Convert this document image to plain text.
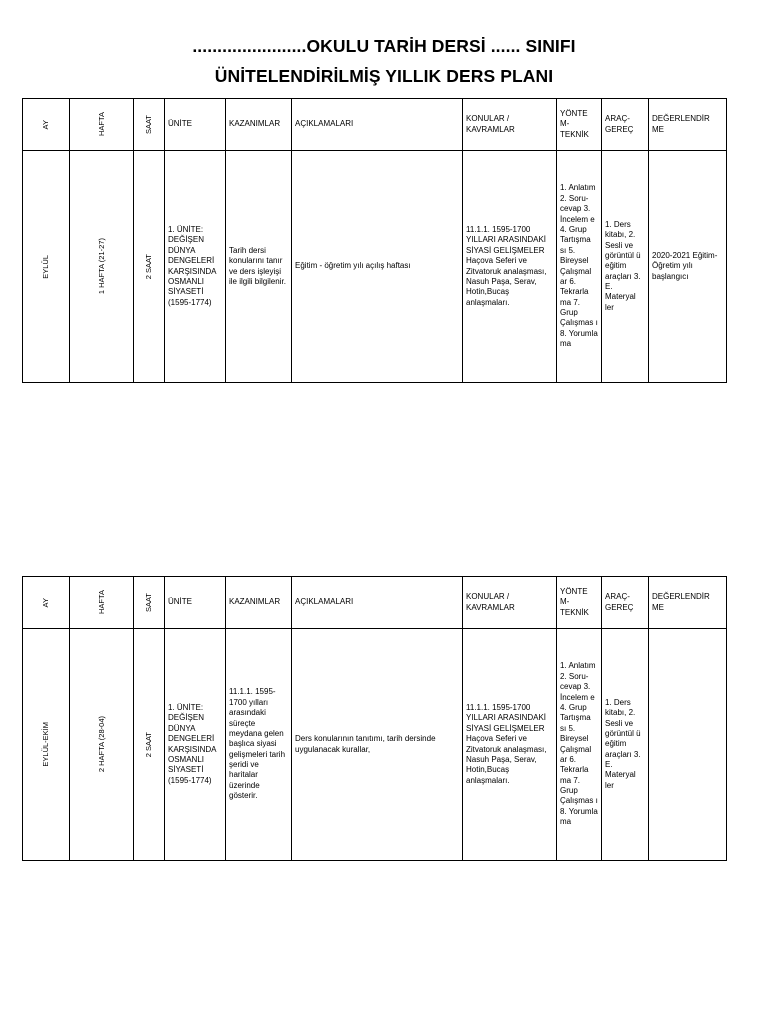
.......................OKULU TARİH DERSİ ...... SINIFI
ÜNİTELENDİRİLMİŞ YILLIK DERS PLANI
AY	HAFTA	SAAT	ÜNİTE	KAZANIMLAR	AÇIKLAMALARI	KONULAR / KAVRAMLAR	YÖNTE M- TEKNİK	ARAÇ- GEREÇ	DEĞERLENDİR ME

EYLÜL	1 HAFTA (21-27)	2 SAAT	1. ÜNİTE: DEĞİŞEN DÜNYA DENGELERİ KARŞISINDA OSMANLI SİYASETİ (1595-1774)	Tarih dersi konularını tanır ve ders işleyişi ile ilgili bilgilenir.	Eğitim - öğretim yılı açılış haftası	11.1.1. 1595-1700 YILLARI ARASINDAKİ SİYASİ GELİŞMELER Haçova Seferi ve Zitvatoruk analaşması, Nasuh Paşa, Serav, Hotin,Bucaş anlaşmaları.	1. Anlatım 2. Soru-cevap 3. İncelem e 4. Grup Tartışma sı 5. Bireysel Çalışmal ar 6. Tekrarla ma 7. Grup Çalışmas ı 8. Yorumla ma	1. Ders kitabı, 2. Sesli ve görüntül ü eğitim araçları 3. E. Materyal ler	2020-2021 Eğitim-Öğretim yılı başlangıcı
AY	HAFTA	SAAT	ÜNİTE	KAZANIMLAR	AÇIKLAMALARI	KONULAR / KAVRAMLAR	YÖNTE M- TEKNİK	ARAÇ- GEREÇ	DEĞERLENDİR ME

EYLÜL-EKİM	2 HAFTA (28-04)	2 SAAT	1. ÜNİTE: DEĞİŞEN DÜNYA DENGELERİ KARŞISINDA OSMANLI SİYASETİ (1595-1774)	11.1.1. 1595-1700 yılları arasındaki süreçte meydana gelen başlıca siyasi gelişmeleri tarih şeridi ve haritalar üzerinde gösterir.	Ders konularının tanıtımı, tarih dersinde uygulanacak kurallar,	11.1.1. 1595-1700 YILLARI ARASINDAKİ SİYASİ GELİŞMELER Haçova Seferi ve Zitvatoruk analaşması, Nasuh Paşa, Serav, Hotin,Bucaş anlaşmaları.	1. Anlatım 2. Soru-cevap 3. İncelem e 4. Grup Tartışma sı 5. Bireysel Çalışmal ar 6. Tekrarla ma 7. Grup Çalışmas ı 8. Yorumla ma	1. Ders kitabı, 2. Sesli ve görüntül ü eğitim araçları 3. E. Materyal ler	
